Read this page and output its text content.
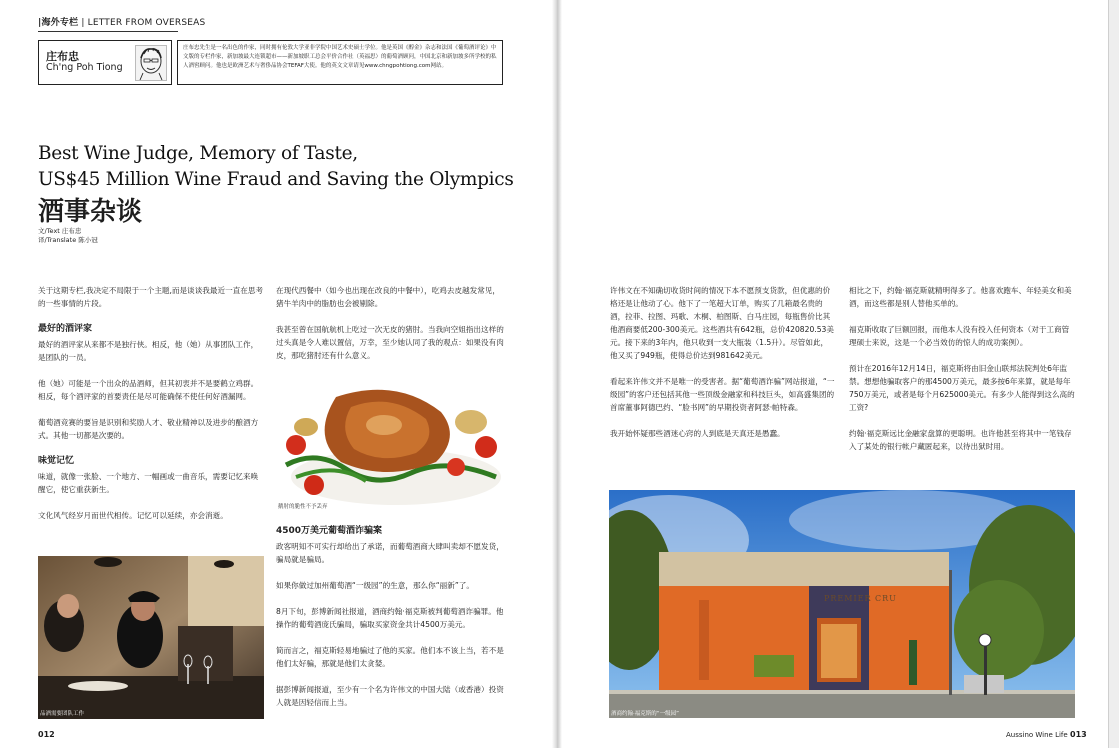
|海外专栏 | LETTER FROM OVERSEAS
庄布忠
Ch'ng Poh Tiong
庄布忠先生是一名出色的作家，同时拥有伦敦大学亚非学院中国艺术史硕士学位。他是英国《醇金》杂志和法国《葡萄酒评论》中文版的专栏作家，新加坡最大连锁超市——新加坡职工总会平价合作社（英福思）的葡萄酒顾问，中国北京和新加坡多所学校的私人酒窖顾问。他也是欧洲艺术与奢侈品协会TEFAF大使。他的英文文章请见www.chngpohtiong.com网站。
Best Wine Judge, Memory of Taste,
US$45 Million Wine Fraud and Saving the Olympics
酒事杂谈
文/Text 庄布忠
译/Translate 陈小冠

关于这期专栏,我决定不局限于一个主题,而是谈谈我最近一直在思考的一些事情的片段。

最好的酒评家

最好的酒评家从来都不是独行侠。相反，他（她）从事团队工作，是团队的一员。

他（她）可能是一个出众的品酒师，但其初衷并不是要鹤立鸡群。相反，每个酒评家的首要责任是尽可能确保不使任何好酒漏网。

葡萄酒竞赛的要旨是识别和奖励人才、敬业精神以及进步的酿酒方式。其他一切都是次要的。

味觉记忆

味道，就像一张脸、一个地方、一幅画或一曲音乐，需要记忆来唤醒它，使它重获新生。

文化风气经岁月而世代相传。记忆可以延续，亦会消逝。

品酒需要团队工作

在现代西餐中（如今也出现在改良的中餐中），吃鸡去皮越发常见，猪牛羊肉中的脂肪也会被剔除。

我甚至曾在国航航机上吃过一次无皮的猪肘。当我向空姐指出这样的过头真是令人难以置信，万幸，至少她认同了我的观点：如果没有肉皮，那吃猪肘还有什么意义。

鹅肘的脆性不予丢弃
4500万美元葡萄酒诈骗案

政客明知不可实行却给出了承诺，而葡萄酒商大肆叫卖却不愿发货，骗局就是骗局。

如果你做过加州葡萄酒“一级园”的生意，那么你“丽新”了。

8月下旬，彭博新闻社报道，酒商约翰·福克斯被判葡萄酒诈骗罪。他操作的葡萄酒庞氏骗局，骗取买家资金共计4500万美元。

简而言之，福克斯轻易地骗过了他的买家。他们本不该上当，若不是他们太好骗，那就是他们太贪婪。

据彭博新闻报道，至少有一个名为许伟文的中国大陆（或香港）投资人就是因轻信而上当。

许伟文在不知确切收货时间的情况下本不愿预支货款，但优惠的价格还是让他动了心。他下了一笔超大订单，购买了几箱最名贵的酒，拉菲、拉图、玛歌、木桐、柏图斯、白马庄园，每瓶售价比其他酒商要低200-300美元。这些酒共有642瓶，总价420820.53美元。接下来的3年内，他只收到一支大瓶装（1.5升）。尽管如此，他又买了949瓶，使得总价达到981642美元。

看起来许伟文并不是唯一的受害者。据“葡萄酒诈骗”网站报道，“一级园”的客户还包括其他一些顶级金融家和科技巨头，如高盛集团的首席董事阿德巴约、“脸书网”的早期投资者阿瑟·帕特森。

我开始怀疑那些酒迷心窍的人到底是天真还是愚蠢。

相比之下，约翰·福克斯就精明得多了。他喜欢跑车、年轻美女和美酒，而这些都是别人替他买单的。

福克斯收取了巨额回报，而他本人没有投入任何资本（对于工商管理硕士来说，这是一个必当效仿的惊人的成功案例）。

预计在2016年12月14日，福克斯将由旧金山联邦法院判处6年监禁。想想他骗取客户的那4500万美元，最多按6年来算，就是每年750万美元，或者是每个月625000美元。有多少人能得到这么高的工资?

约翰·福克斯远比金融家盘算的更聪明。也许他甚至将其中一笔钱存入了某处的银行帐户藏匿起来，以待出狱时用。

PREMIER CRU
酒商约翰·福克斯的“一级园”
012	Aussino Wine Life 013
